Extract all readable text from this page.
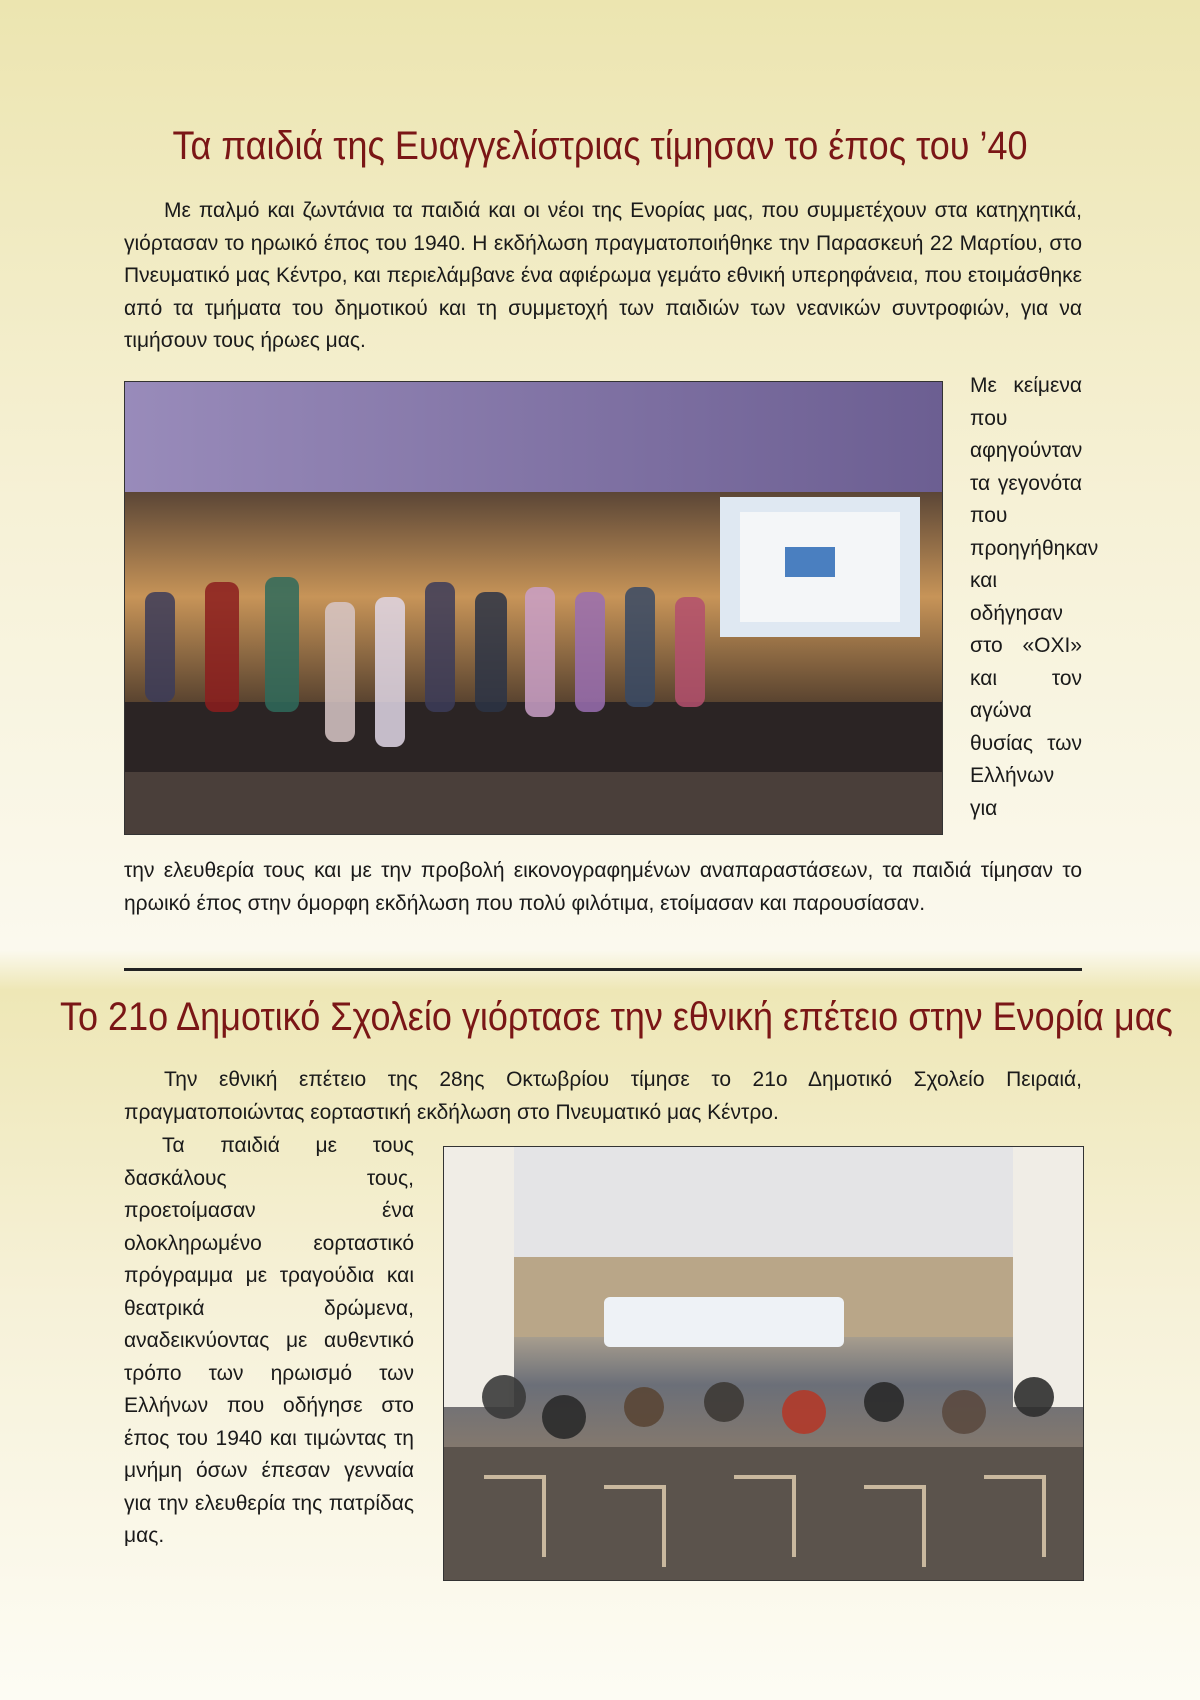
Τα παιδιά της Ευαγγελίστριας τίμησαν το έπος του ’40

Με παλμό και ζωντάνια τα παιδιά και οι νέοι της Ενορίας μας, που συμμετέχουν στα κατηχητικά, γιόρτασαν το ηρωικό έπος του 1940. Η εκδήλωση πραγματοποιήθηκε την Παρασκευή 22 Μαρτίου, στο Πνευματικό μας Κέντρο, και περιελάμβανε ένα αφιέρωμα γεμάτο εθνική υπερηφάνεια, που ετοιμάσθηκε από τα τμήματα του δημοτικού και τη συμμετοχή των παιδιών των νεανικών συντροφιών, για να τιμήσουν τους ήρωες μας.

Με κείμενα που αφηγούνταν τα γεγονότα που προηγήθηκαν και οδήγησαν στο «ΟΧΙ» και τον αγώνα θυσίας των Ελλήνων για

την ελευθερία τους και με την προβολή εικονογραφημένων αναπαραστάσεων, τα παιδιά τίμησαν το ηρωικό έπος στην όμορφη εκδήλωση που πολύ φιλότιμα, ετοίμασαν και παρουσίασαν.

Το 21ο Δημοτικό Σχολείο γιόρτασε την εθνική επέτειο στην Ενορία μας

Την εθνική επέτειο της 28ης Οκτωβρίου τίμησε το 21ο Δημοτικό Σχολείο Πειραιά, πραγματοποιώντας εορταστική εκδήλωση στο Πνευματικό μας Κέντρο.

Τα παιδιά με τους δασκάλους τους, προετοίμασαν ένα ολοκληρωμένο εορταστικό πρόγραμμα με τραγούδια και θεατρικά δρώμενα, αναδεικνύοντας με αυθεντικό τρόπο των ηρωισμό των Ελλήνων που οδήγησε στο έπος του 1940 και τιμώντας τη μνήμη όσων έπεσαν γενναία για την ελευθερία της πατρίδας μας.
